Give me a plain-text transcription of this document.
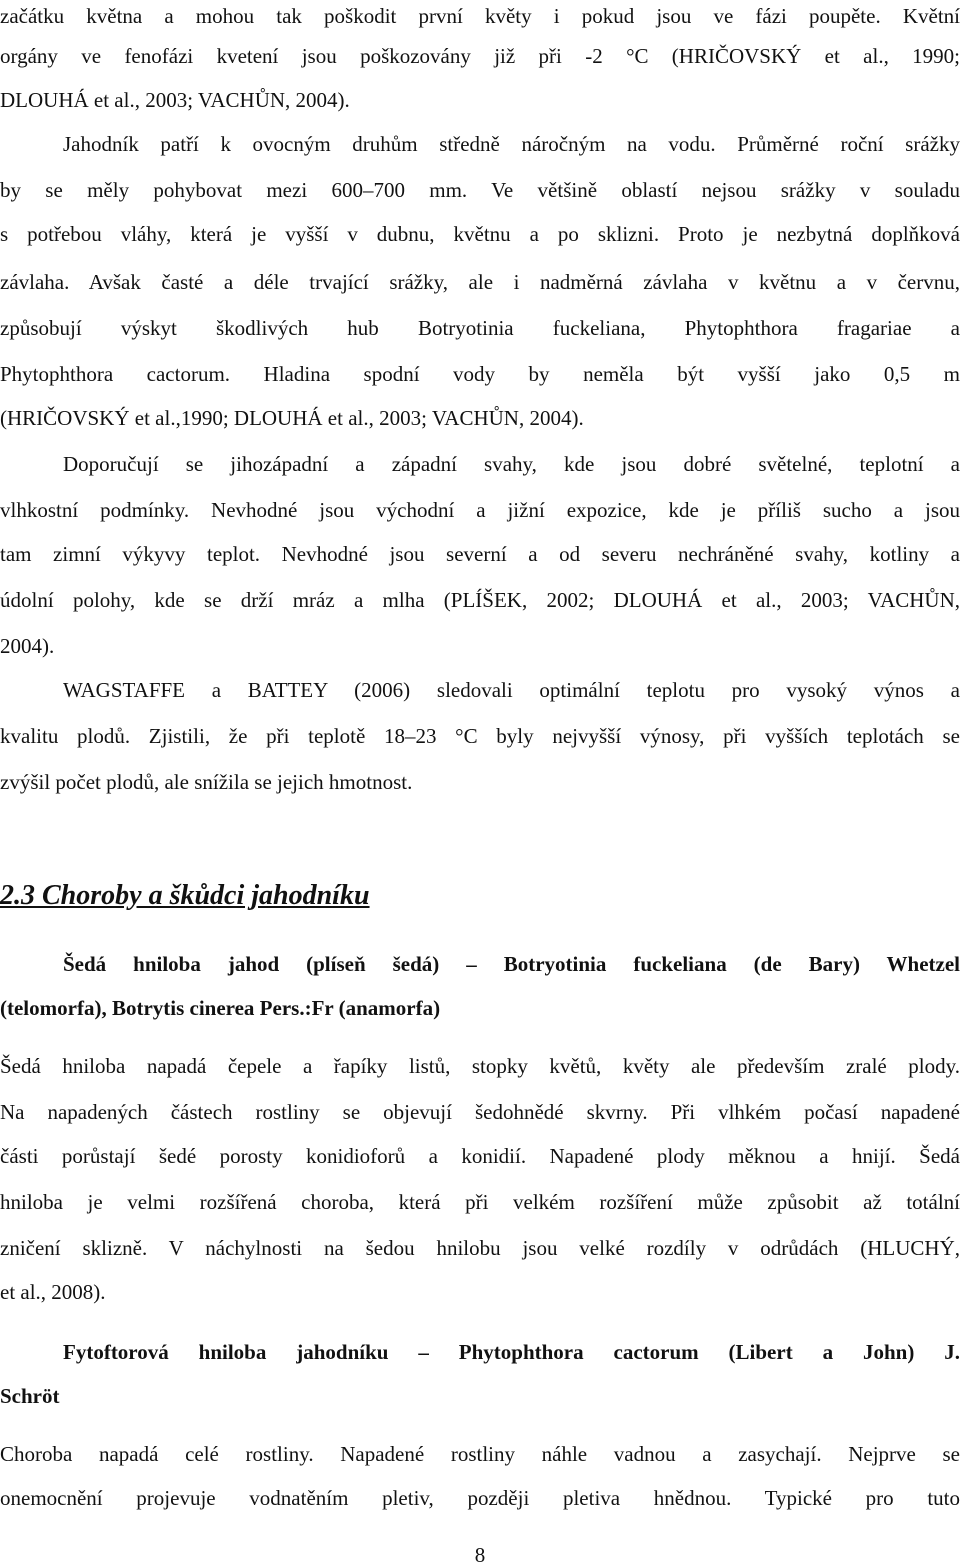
začátku května a mohou tak poškodit první květy i pokud jsou ve fázi poupěte. Květní
orgány ve fenofázi kvetení jsou poškozovány již při -2 °C (HRIČOVSKÝ et al., 1990;
DLOUHÁ et al., 2003; VACHŮN, 2004).
Jahodník patří k ovocným druhům středně náročným na vodu. Průměrné roční srážky
by se měly pohybovat mezi 600–700 mm. Ve většině oblastí nejsou srážky v souladu
s potřebou vláhy, která je vyšší v dubnu, květnu a po sklizni. Proto je nezbytná doplňková
závlaha. Avšak časté a déle trvající srážky, ale i nadměrná závlaha v květnu a v červnu,
způsobují výskyt škodlivých hub Botryotinia fuckeliana, Phytophthora fragariae a
Phytophthora cactorum. Hladina spodní vody by neměla být vyšší jako 0,5 m
(HRIČOVSKÝ et al.,1990; DLOUHÁ et al., 2003; VACHŮN, 2004).
Doporučují se jihozápadní a západní svahy, kde jsou dobré světelné, teplotní a
vlhkostní podmínky. Nevhodné jsou východní a jižní expozice, kde je příliš sucho a jsou
tam zimní výkyvy teplot. Nevhodné jsou severní a od severu nechráněné svahy, kotliny a
údolní polohy, kde se drží mráz a mlha (PLÍŠEK, 2002; DLOUHÁ et al., 2003; VACHŮN,
2004).
WAGSTAFFE a BATTEY (2006) sledovali optimální teplotu pro vysoký výnos a
kvalitu plodů. Zjistili, že při teplotě 18–23 °C byly nejvyšší výnosy, při vyšších teplotách se
zvýšil počet plodů, ale snížila se jejich hmotnost.
2.3 Choroby a škůdci jahodníku
Šedá hniloba jahod (plíseň šedá) – Botryotinia fuckeliana (de Bary) Whetzel
(telomorfa), Botrytis cinerea Pers.:Fr (anamorfa)
Šedá hniloba napadá čepele a řapíky listů, stopky květů, květy ale především zralé plody.
Na napadených částech rostliny se objevují šedohnědé skvrny. Při vlhkém počasí napadené
části porůstají šedé porosty konidioforů a konidií. Napadené plody měknou a hnijí. Šedá
hniloba je velmi rozšířená choroba, která při velkém rozšíření může způsobit až totální
zničení sklizně. V náchylnosti na šedou hnilobu jsou velké rozdíly v odrůdách (HLUCHÝ,
et al., 2008).
Fytoftorová hniloba jahodníku – Phytophthora cactorum (Libert a John) J.
Schröt
Choroba napadá celé rostliny. Napadené rostliny náhle vadnou a zasychají. Nejprve se
onemocnění projevuje vodnatěním pletiv, později pletiva hnědnou. Typické pro tuto
8
